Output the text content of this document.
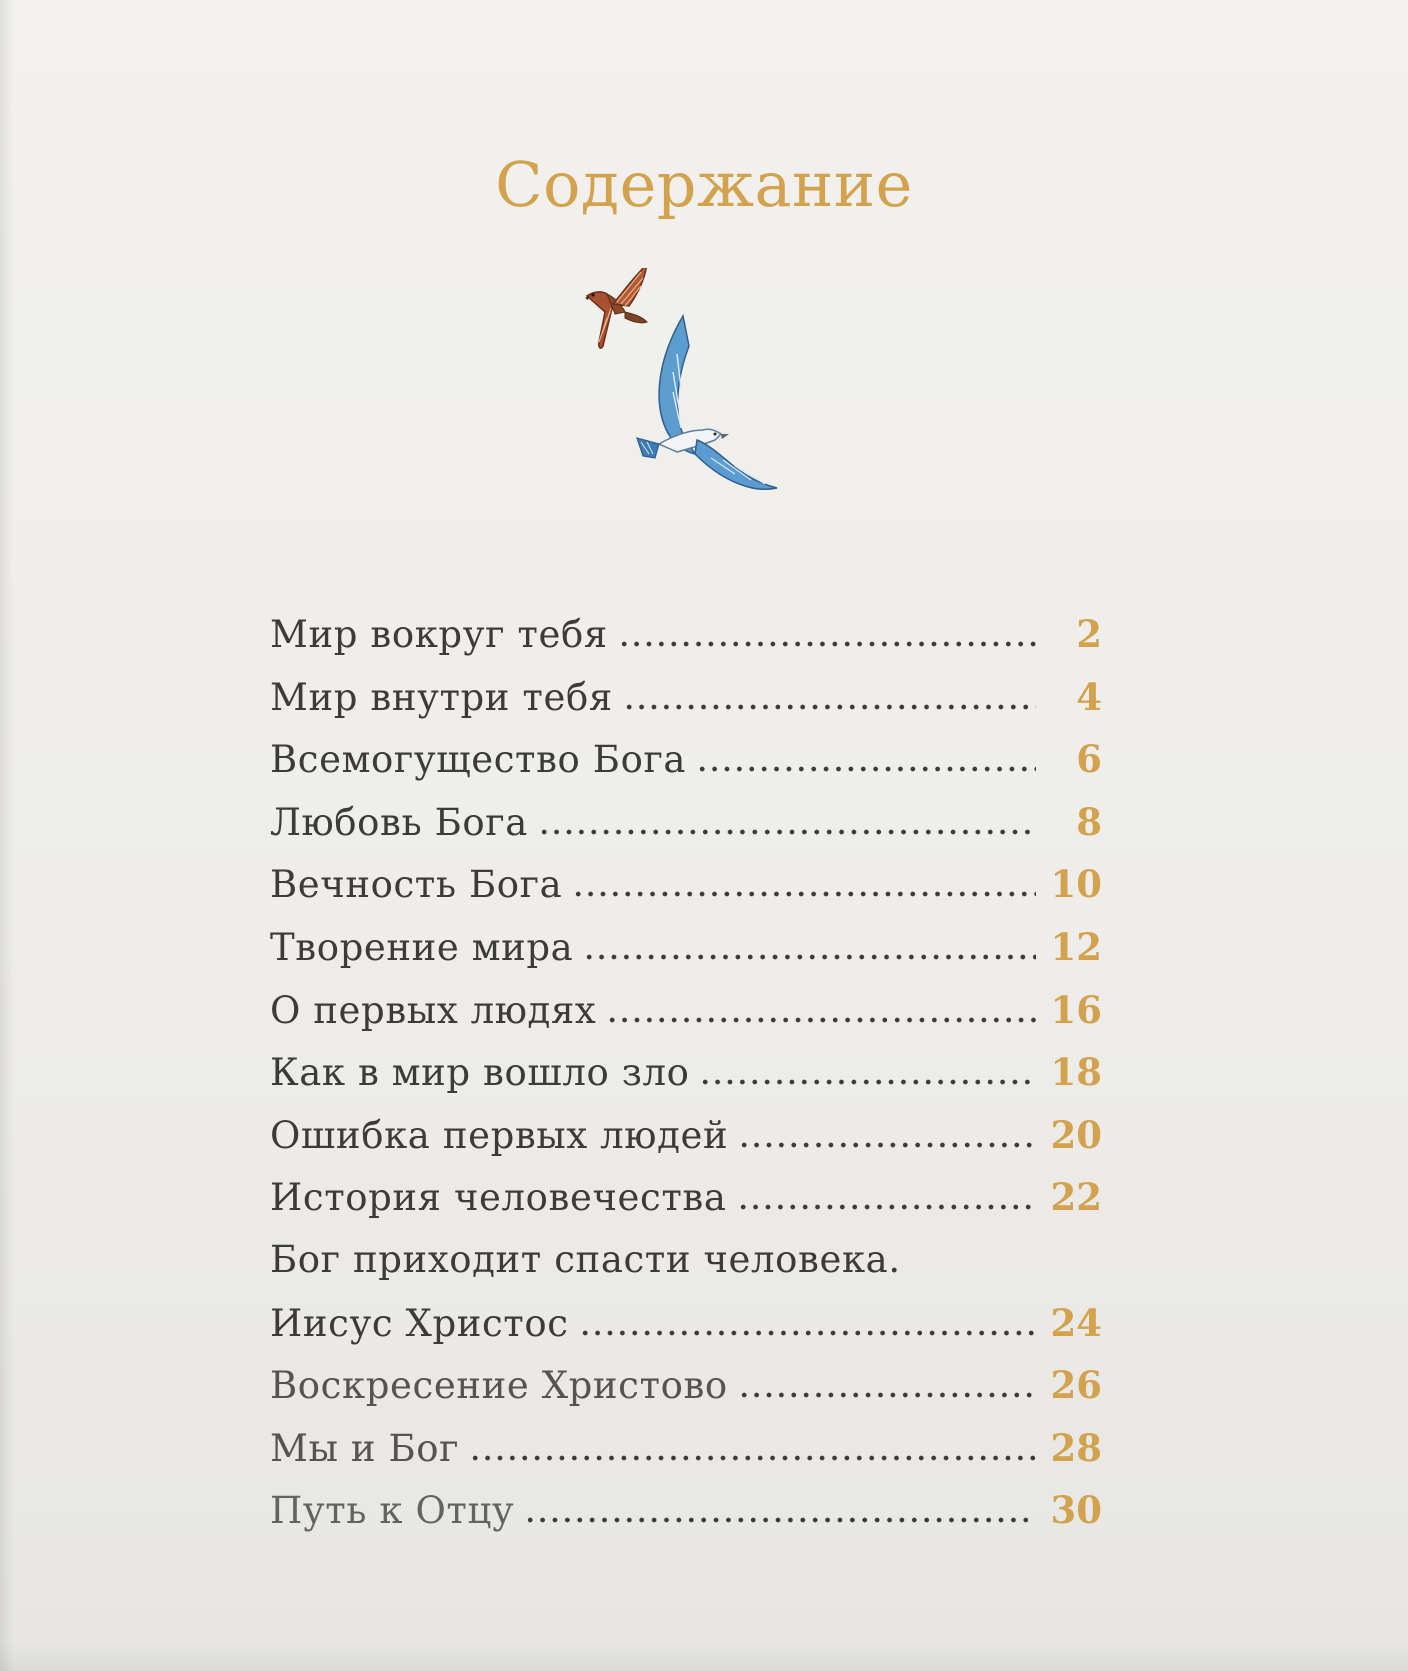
Содержание
Мир вокруг тебя	2
Мир внутри тебя	4
Всемогущество Бога	6
Любовь Бога	8
Вечность Бога	10
Творение мира	12
О первых людях	16
Как в мир вошло зло	18
Ошибка первых людей	20
История человечества	22
Бог приходит спасти человека.
Иисус Христос	24
Воскресение Христово	26
Мы и Бог	28
Путь к Отцу	30
